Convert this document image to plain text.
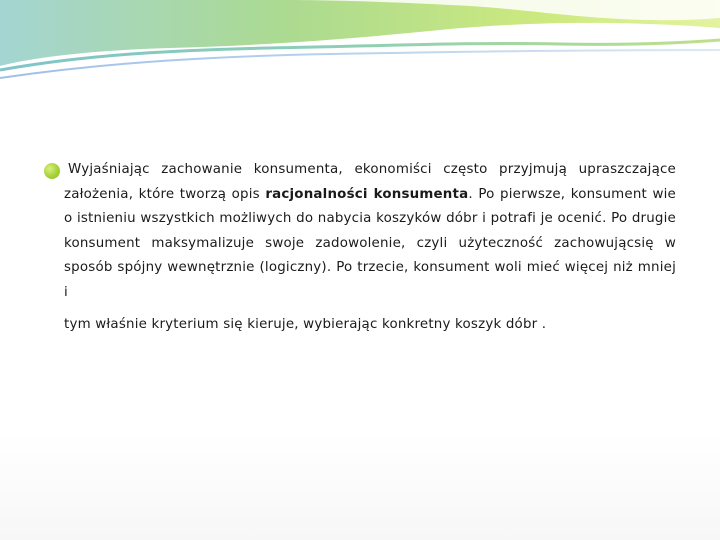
Wyjaśniając zachowanie konsumenta, ekonomiści często przyjmują upraszczające założenia, które tworzą opis racjonalności konsumenta. Po pierwsze, konsument wie o istnieniu wszystkich możliwych do nabycia koszyków dóbr i potrafi je ocenić. Po drugie konsument maksymalizuje swoje zadowolenie, czyli użyteczność zachowującsię w sposób spójny wewnętrznie (logiczny). Po trzecie, konsument woli mieć więcej niż mniej i
tym właśnie kryterium się kieruje, wybierając konkretny koszyk dóbr .
